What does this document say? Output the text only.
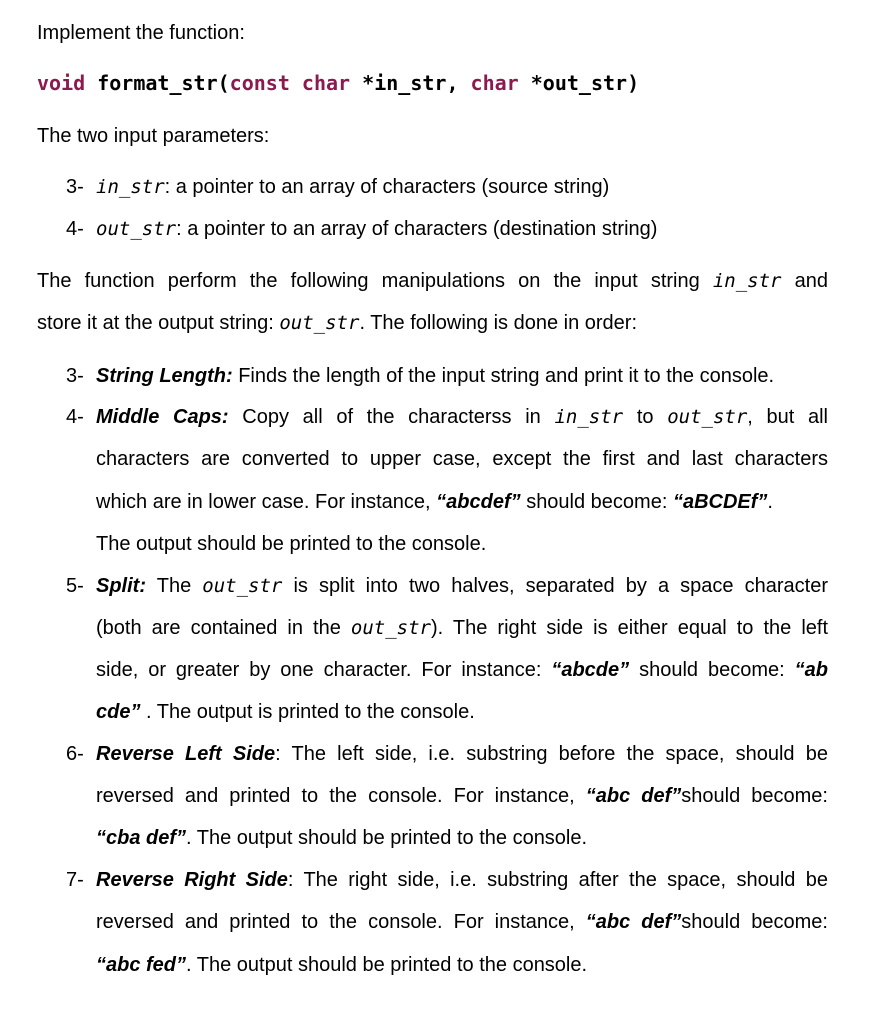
Implement the function:
void format_str(const char *in_str, char *out_str)
The two input parameters:
3- in_str: a pointer to an array of characters (source string)
4- out_str: a pointer to an array of characters (destination string)
The function perform the following manipulations on the input string in_str and
store it at the output string: out_str. The following is done in order:
3- String Length: Finds the length of the input string and print it to the console.
4- Middle Caps: Copy all of the characterss in in_str to out_str, but all
characters are converted to upper case, except the first and last characters
which are in lower case. For instance, “abcdef” should become: “aBCDEf”.
The output should be printed to the console.
5- Split: The out_str is split into two halves, separated by a space character
(both are contained in the out_str). The right side is either equal to the left
side, or greater by one character. For instance: “abcde” should become: “ab
cde” . The output is printed to the console.
6- Reverse Left Side: The left side, i.e. substring before the space, should be
reversed and printed to the console. For instance, “abc def”should become:
“cba def”. The output should be printed to the console.
7- Reverse Right Side: The right side, i.e. substring after the space, should be
reversed and printed to the console. For instance, “abc def”should become:
“abc fed”. The output should be printed to the console.
